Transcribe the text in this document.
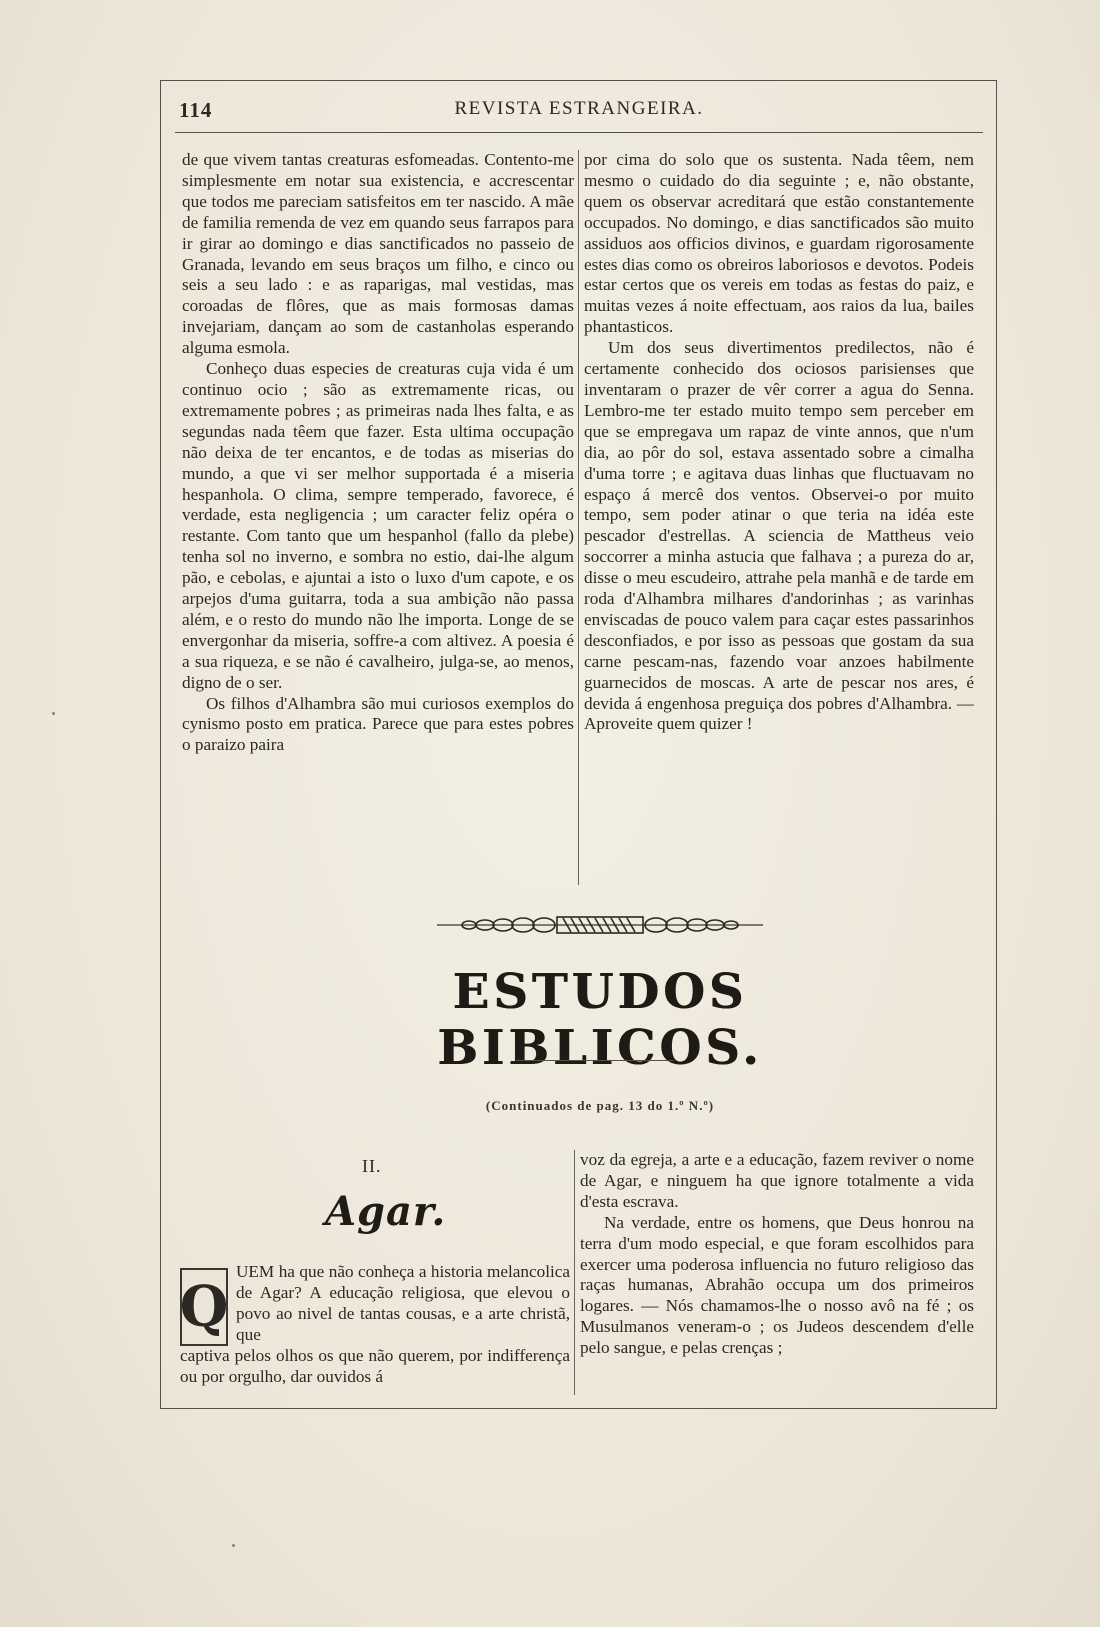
114	REVISTA ESTRANGEIRA.

de que vivem tantas creaturas esfomeadas. Contento-me simplesmente em notar sua existencia, e accrescentar que todos me pareciam satisfeitos em ter nascido. A mãe de familia remenda de vez em quando seus farrapos para ir girar ao domingo e dias sanctificados no passeio de Granada, levando em seus braços um filho, e cinco ou seis a seu lado : e as raparigas, mal vestidas, mas coroadas de flôres, que as mais formosas damas invejariam, dançam ao som de castanholas esperando alguma esmola.

Conheço duas especies de creaturas cuja vida é um continuo ocio ; são as extremamente ricas, ou extremamente pobres ; as primeiras nada lhes falta, e as segundas nada têem que fazer. Esta ultima occupação não deixa de ter encantos, e de todas as miserias do mundo, a que vi ser melhor supportada é a miseria hespanhola. O clima, sempre temperado, favorece, é verdade, esta negligencia ; um caracter feliz opéra o restante. Com tanto que um hespanhol (fallo da plebe) tenha sol no inverno, e sombra no estio, dai-lhe algum pão, e cebolas, e ajuntai a isto o luxo d'um capote, e os arpejos d'uma guitarra, toda a sua ambição não passa além, e o resto do mundo não lhe importa. Longe de se envergonhar da miseria, soffre-a com altivez. A poesia é a sua riqueza, e se não é cavalheiro, julga-se, ao menos, digno de o ser.

Os filhos d'Alhambra são mui curiosos exemplos do cynismo posto em pratica. Parece que para estes pobres o paraizo paira

por cima do solo que os sustenta. Nada têem, nem mesmo o cuidado do dia seguinte ; e, não obstante, quem os observar acreditará que estão constantemente occupados. No domingo, e dias sanctificados são muito assiduos aos officios divinos, e guardam rigorosamente estes dias como os obreiros laboriosos e devotos. Podeis estar certos que os vereis em todas as festas do paiz, e muitas vezes á noite effectuam, aos raios da lua, bailes phantasticos.

Um dos seus divertimentos predilectos, não é certamente conhecido dos ociosos parisienses que inventaram o prazer de vêr correr a agua do Senna. Lembro-me ter estado muito tempo sem perceber em que se empregava um rapaz de vinte annos, que n'um dia, ao pôr do sol, estava assentado sobre a cimalha d'uma torre ; e agitava duas linhas que fluctuavam no espaço á mercê dos ventos. Observei-o por muito tempo, sem poder atinar o que teria na idéa este pescador d'estrellas. A sciencia de Mattheus veio soccorrer a minha astucia que falhava ; a pureza do ar, disse o meu escudeiro, attrahe pela manhã e de tarde em roda d'Alhambra milhares d'andorinhas ; as varinhas enviscadas de pouco valem para caçar estes passarinhos desconfiados, e por isso as pessoas que gostam da sua carne pescam-nas, fazendo voar anzoes habilmente guarnecidos de moscas. A arte de pescar nos ares, é devida á engenhosa preguiça dos pobres d'Alhambra. — Aproveite quem quizer !

ESTUDOS BIBLICOS.
(Continuados de pag. 13 do 1.º N.º)
II.
Agar.
Q

UEM ha que não conheça a historia melancolica de Agar? A educação religiosa, que elevou o povo ao nivel de tantas cousas, e a arte christã, que

captiva pelos olhos os que não querem, por indifferença ou por orgulho, dar ouvidos á

voz da egreja, a arte e a educação, fazem reviver o nome de Agar, e ninguem ha que ignore totalmente a vida d'esta escrava.

Na verdade, entre os homens, que Deus honrou na terra d'um modo especial, e que foram escolhidos para exercer uma poderosa influencia no futuro religioso das raças humanas, Abrahão occupa um dos primeiros logares. — Nós chamamos-lhe o nosso avô na fé ; os Musulmanos veneram-o ; os Judeos descendem d'elle pelo sangue, e pelas crenças ;
